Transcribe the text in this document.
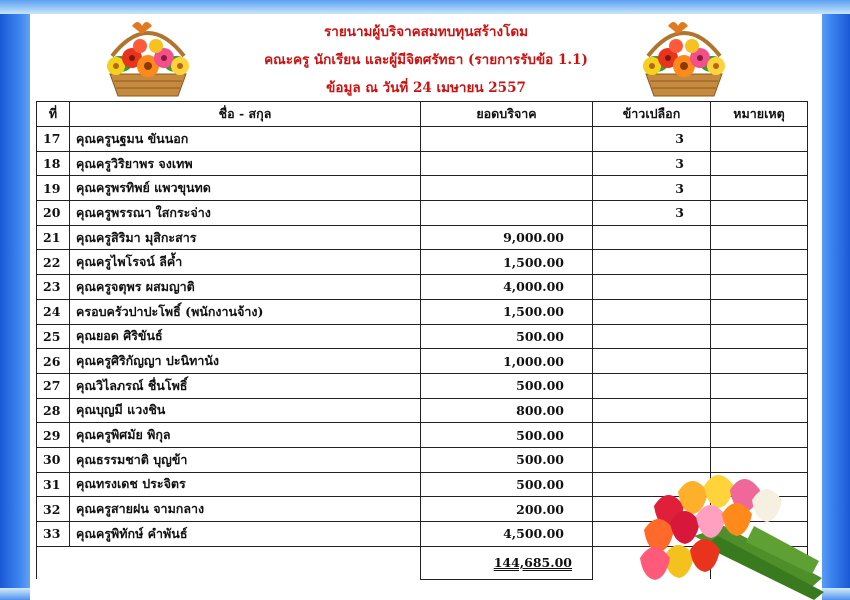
รายนามผู้บริจาคสมทบทุนสร้างโดม
คณะครู นักเรียน และผู้มีจิตศรัทธา (รายการรับข้อ 1.1)
ข้อมูล ณ วันที่ 24 เมษายน 2557
ที่	ชื่อ - สกุล	ยอดบริจาค	ข้าวเปลือก	หมายเหตุ
17	คุณครูนฐมน ขันนอก		3	
18	คุณครูวิริยาพร จงเทพ		3	
19	คุณครูพรทิพย์ แพวขุนทด		3	
20	คุณครูพรรณา ใสกระจ่าง		3	
21	คุณครูสิริมา มุสิกะสาร	9,000.00		
22	คุณครูไพโรจน์ ลีค้ำ	1,500.00		
23	คุณครูจตุพร ผสมญาติ	4,000.00		
24	ครอบครัวปาปะโพธิ์ (พนักงานจ้าง)	1,500.00		
25	คุณยอด ศิริขันธ์	500.00		
26	คุณครูศิริกัญญา ปะนิทานัง	1,000.00		
27	คุณวิไลภรณ์ ชื่นโพธิ์	500.00		
28	คุณบุญมี แวงชิน	800.00		
29	คุณครูพิศมัย พิกุล	500.00		
30	คุณธรรมชาติ บุญข้า	500.00		
31	คุณทรงเดช ประจิตร	500.00		
32	คุณครูสายฝน จามกลาง	200.00		
33	คุณครูพิทักษ์ คำพันธ์	4,500.00		
		144,685.00		
